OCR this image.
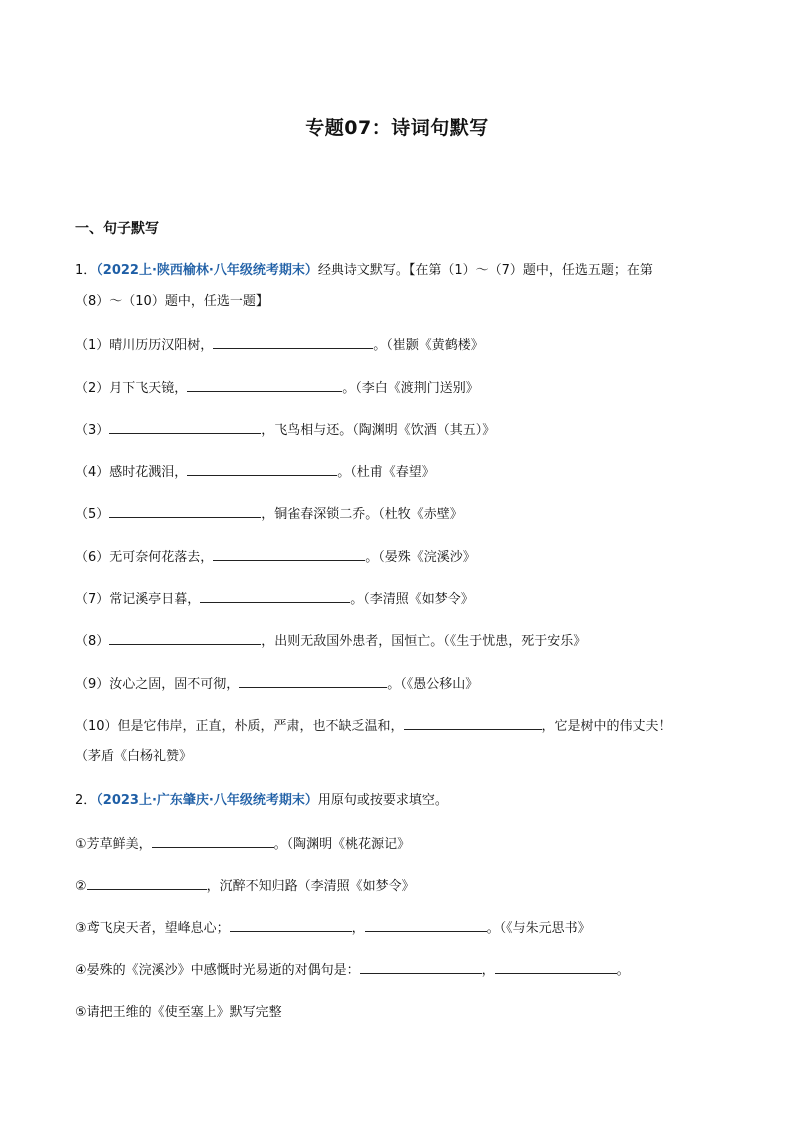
专题07：诗词句默写
一、句子默写
1．（2022上·陕西榆林·八年级统考期末）经典诗文默写。【在第（1）～（7）题中，任选五题；在第
（8）～（10）题中，任选一题】
（1）晴川历历汉阳树，	。（崔颢《黄鹤楼》
（2）月下飞天镜，	。（李白《渡荆门送别》
（3）	，飞鸟相与还。（陶渊明《饮酒（其五）》
（4）感时花溅泪，	。（杜甫《春望》
（5）	，铜雀春深锁二乔。（杜牧《赤壁》
（6）无可奈何花落去，	。（晏殊《浣溪沙》
（7）常记溪亭日暮，	。（李清照《如梦令》
（8）	，出则无敌国外患者，国恒亡。（《生于忧患，死于安乐》
（9）汝心之固，固不可彻，	。（《愚公移山》
（10）但是它伟岸，正直，朴质，严肃，也不缺乏温和，	，它是树中的伟丈夫！
（茅盾《白杨礼赞》
2．（2023上·广东肇庆·八年级统考期末）用原句或按要求填空。
①芳草鲜美，	。（陶渊明《桃花源记》
②	，沉醉不知归路（李清照《如梦令》
③鸢飞戾天者，望峰息心；	，	。（《与朱元思书》
④晏殊的《浣溪沙》中感慨时光易逝的对偶句是：	，	。
⑤请把王维的《使至塞上》默写完整
